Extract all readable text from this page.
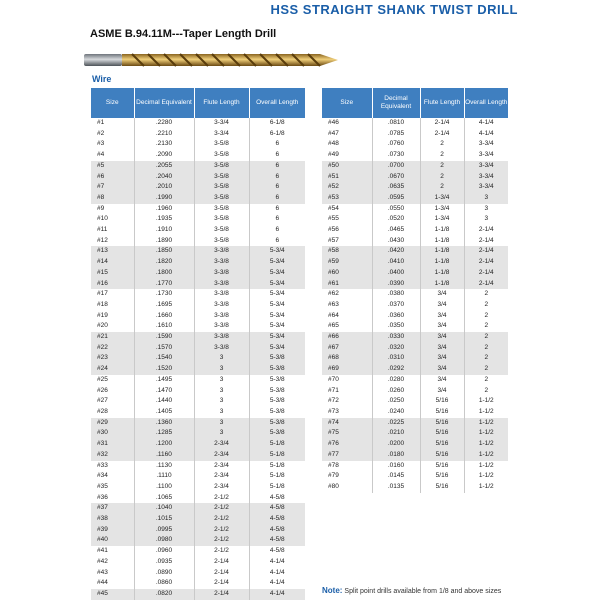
HSS STRAIGHT SHANK TWIST DRILL
ASME B.94.11M---Taper Length Drill
Wire
Size	Decimal Equivalent	Flute Length	Overall Length
#1	.2280	3-3/4	6-1/8
#2	.2210	3-3/4	6-1/8
#3	.2130	3-5/8	6
#4	.2090	3-5/8	6
#5	.2055	3-5/8	6
#6	.2040	3-5/8	6
#7	.2010	3-5/8	6
#8	.1990	3-5/8	6
#9	.1960	3-5/8	6
#10	.1935	3-5/8	6
#11	.1910	3-5/8	6
#12	.1890	3-5/8	6
#13	.1850	3-3/8	5-3/4
#14	.1820	3-3/8	5-3/4
#15	.1800	3-3/8	5-3/4
#16	.1770	3-3/8	5-3/4
#17	.1730	3-3/8	5-3/4
#18	.1695	3-3/8	5-3/4
#19	.1660	3-3/8	5-3/4
#20	.1610	3-3/8	5-3/4
#21	.1590	3-3/8	5-3/4
#22	.1570	3-3/8	5-3/4
#23	.1540	3	5-3/8
#24	.1520	3	5-3/8
#25	.1495	3	5-3/8
#26	.1470	3	5-3/8
#27	.1440	3	5-3/8
#28	.1405	3	5-3/8
#29	.1360	3	5-3/8
#30	.1285	3	5-3/8
#31	.1200	2-3/4	5-1/8
#32	.1160	2-3/4	5-1/8
#33	.1130	2-3/4	5-1/8
#34	.1110	2-3/4	5-1/8
#35	.1100	2-3/4	5-1/8
#36	.1065	2-1/2	4-5/8
#37	.1040	2-1/2	4-5/8
#38	.1015	2-1/2	4-5/8
#39	.0995	2-1/2	4-5/8
#40	.0980	2-1/2	4-5/8
#41	.0960	2-1/2	4-5/8
#42	.0935	2-1/4	4-1/4
#43	.0890	2-1/4	4-1/4
#44	.0860	2-1/4	4-1/4
#45	.0820	2-1/4	4-1/4
Size	Decimal Equivalent	Flute Length	Overall Length
#46	.0810	2-1/4	4-1/4
#47	.0785	2-1/4	4-1/4
#48	.0760	2	3-3/4
#49	.0730	2	3-3/4
#50	.0700	2	3-3/4
#51	.0670	2	3-3/4
#52	.0635	2	3-3/4
#53	.0595	1-3/4	3
#54	.0550	1-3/4	3
#55	.0520	1-3/4	3
#56	.0465	1-1/8	2-1/4
#57	.0430	1-1/8	2-1/4
#58	.0420	1-1/8	2-1/4
#59	.0410	1-1/8	2-1/4
#60	.0400	1-1/8	2-1/4
#61	.0390	1-1/8	2-1/4
#62	.0380	3/4	2
#63	.0370	3/4	2
#64	.0360	3/4	2
#65	.0350	3/4	2
#66	.0330	3/4	2
#67	.0320	3/4	2
#68	.0310	3/4	2
#69	.0292	3/4	2
#70	.0280	3/4	2
#71	.0260	3/4	2
#72	.0250	5/16	1-1/2
#73	.0240	5/16	1-1/2
#74	.0225	5/16	1-1/2
#75	.0210	5/16	1-1/2
#76	.0200	5/16	1-1/2
#77	.0180	5/16	1-1/2
#78	.0160	5/16	1-1/2
#79	.0145	5/16	1-1/2
#80	.0135	5/16	1-1/2
Note: Split point drills available from 1/8 and above sizes
